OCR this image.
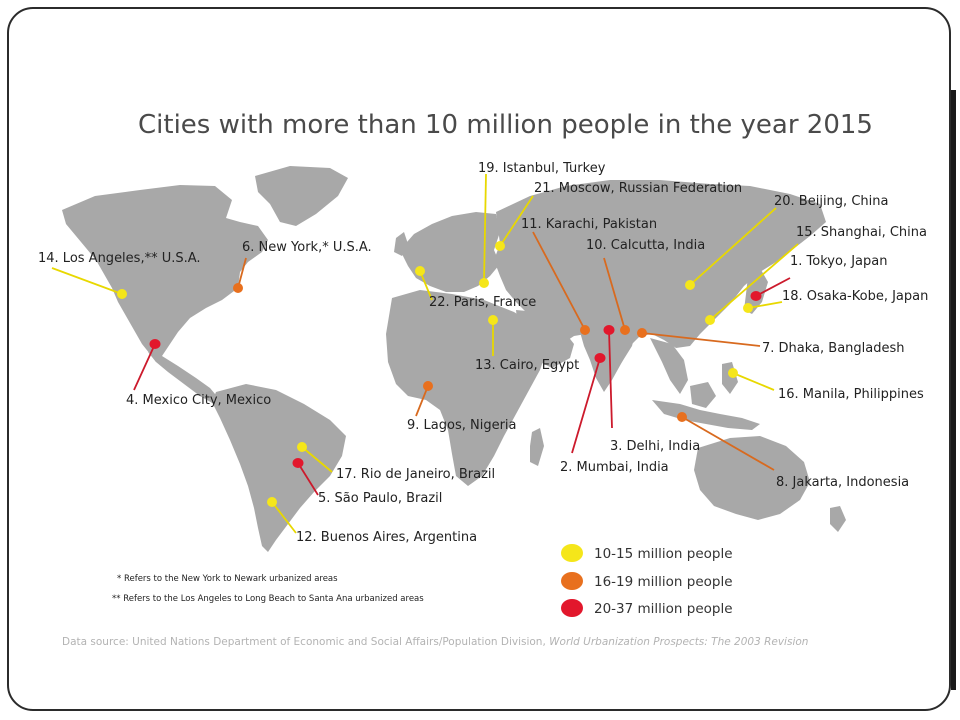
Cities with more than 10 million people in the year 2015
1. Tokyo, Japan
2. Mumbai, India
3. Delhi, India
4. Mexico City, Mexico
5. São Paulo, Brazil
6. New York,* U.S.A.
7. Dhaka, Bangladesh
8. Jakarta, Indonesia
9. Lagos, Nigeria
10. Calcutta, India
11. Karachi, Pakistan
12. Buenos Aires, Argentina
13. Cairo, Egypt
14. Los Angeles,** U.S.A.
15. Shanghai, China
16. Manila, Philippines
17. Rio de Janeiro, Brazil
18. Osaka-Kobe, Japan
19. Istanbul, Turkey
20. Beijing, China
21. Moscow, Russian Federation
22. Paris, France
10-15 million people
16-19 million people
20-37 million people
* Refers to the New York to Newark urbanized areas
** Refers to the Los Angeles to Long Beach to Santa Ana urbanized areas
Data source: United Nations Department of Economic and Social Affairs/Population Division, World Urbanization Prospects: The 2003 Revision
